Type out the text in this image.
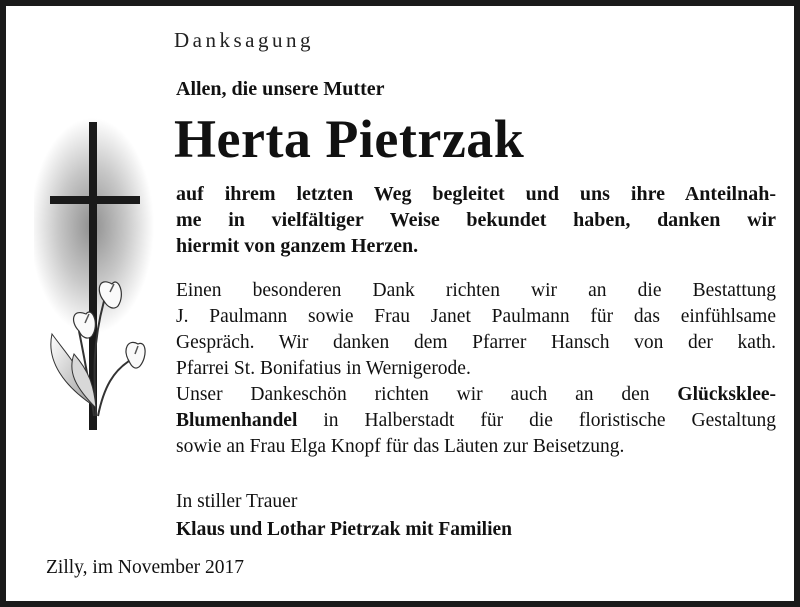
Danksagung
Allen, die unsere Mutter
Herta Pietrzak
auf ihrem letzten Weg begleitet und uns ihre Anteilnah-
me in vielfältiger Weise bekundet haben, danken wir
hiermit von ganzem Herzen.
Einen besonderen Dank richten wir an die Bestattung
J. Paulmann sowie Frau Janet Paulmann für das einfühlsame
Gespräch. Wir danken dem Pfarrer Hansch von der kath.
Pfarrei St. Bonifatius in Wernigerode.
Unser Dankeschön richten wir auch an den Glücksklee-
Blumenhandel in Halberstadt für die floristische Gestaltung
sowie an Frau Elga Knopf für das Läuten zur Beisetzung.
In stiller Trauer
Klaus und Lothar Pietrzak mit Familien
Zilly, im November 2017
